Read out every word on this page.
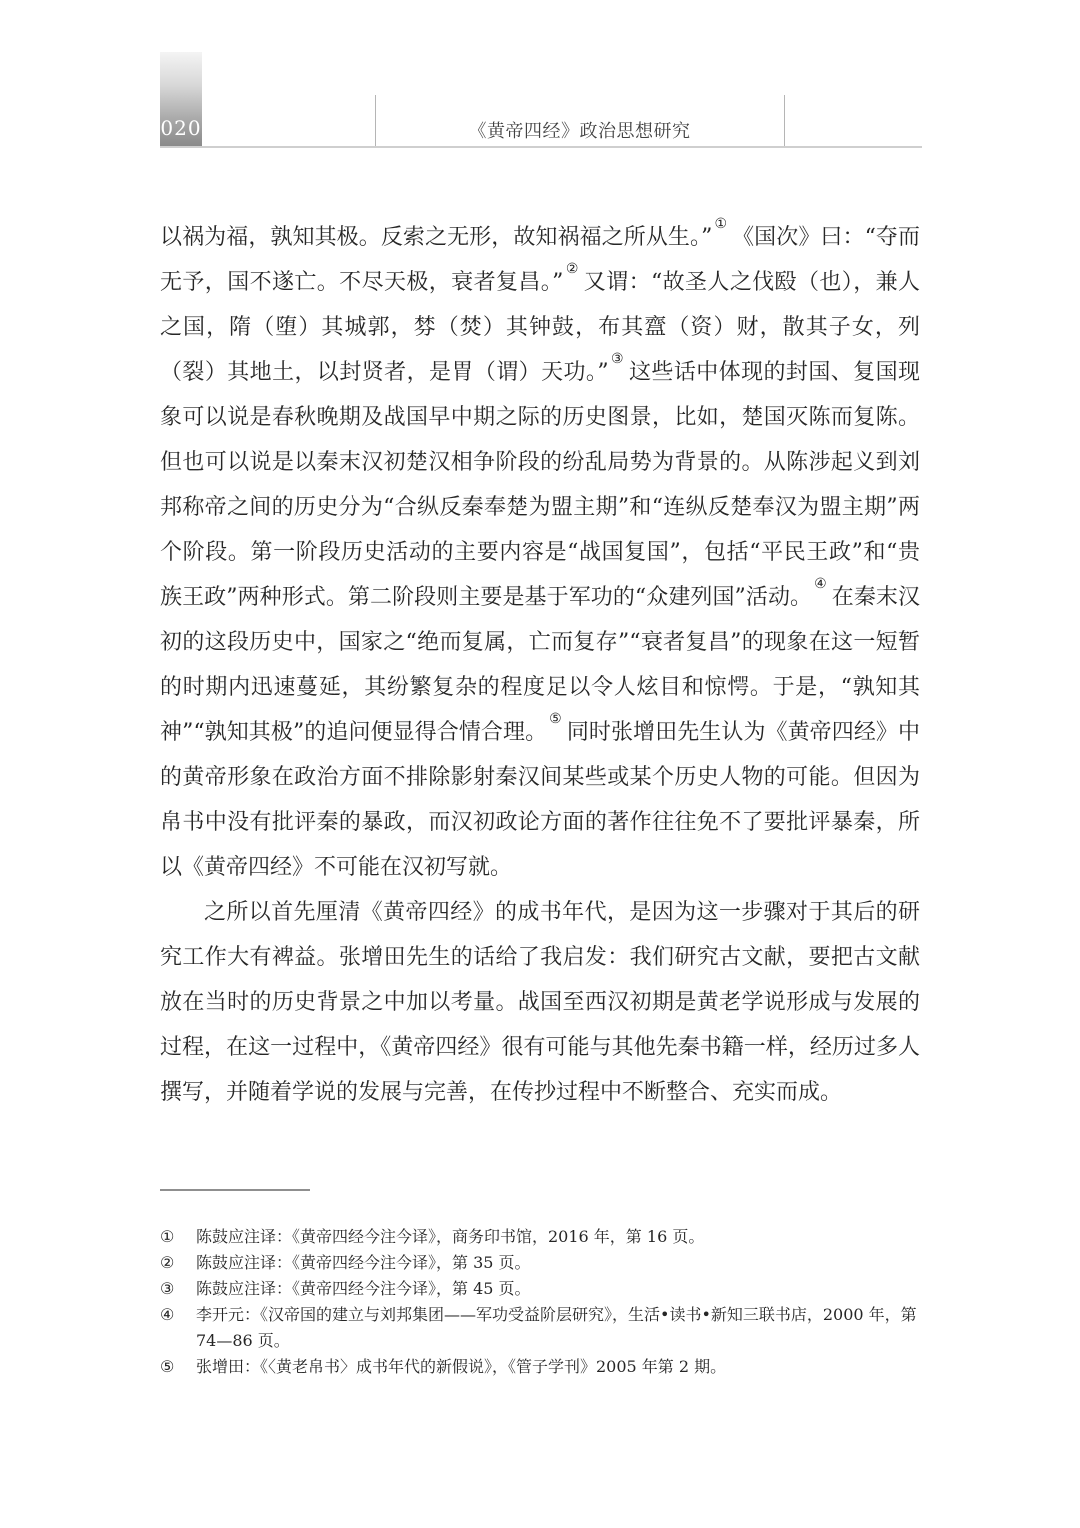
020	《黄帝四经》政治思想研究

以祸为福，孰知其极。反索之无形，故知祸福之所从生。”①《国次》曰：“夺而无予，国不遂亡。不尽天极，衰者复昌。”②又谓：“故圣人之伐殹（也），兼人之国，隋（堕）其城郭，棼（焚）其钟鼓，布其齍（资）财，散其子女，列（裂）其地土，以封贤者，是胃（谓）天功。”③这些话中体现的封国、复国现象可以说是春秋晚期及战国早中期之际的历史图景，比如，楚国灭陈而复陈。但也可以说是以秦末汉初楚汉相争阶段的纷乱局势为背景的。从陈涉起义到刘邦称帝之间的历史分为“合纵反秦奉楚为盟主期”和“连纵反楚奉汉为盟主期”两个阶段。第一阶段历史活动的主要内容是“战国复国”，包括“平民王政”和“贵族王政”两种形式。第二阶段则主要是基于军功的“众建列国”活动。④在秦末汉初的这段历史中，国家之“绝而复属，亡而复存”“衰者复昌”的现象在这一短暂的时期内迅速蔓延，其纷繁复杂的程度足以令人炫目和惊愕。于是，“孰知其神”“孰知其极”的追问便显得合情合理。⑤同时张增田先生认为《黄帝四经》中的黄帝形象在政治方面不排除影射秦汉间某些或某个历史人物的可能。但因为帛书中没有批评秦的暴政，而汉初政论方面的著作往往免不了要批评暴秦，所以《黄帝四经》不可能在汉初写就。

之所以首先厘清《黄帝四经》的成书年代，是因为这一步骤对于其后的研究工作大有裨益。张增田先生的话给了我启发：我们研究古文献，要把古文献放在当时的历史背景之中加以考量。战国至西汉初期是黄老学说形成与发展的过程，在这一过程中，《黄帝四经》很有可能与其他先秦书籍一样，经历过多人撰写，并随着学说的发展与完善，在传抄过程中不断整合、充实而成。

①	陈鼓应注译：《黄帝四经今注今译》，商务印书馆，2016 年，第 16 页。
②	陈鼓应注译：《黄帝四经今注今译》，第 35 页。
③	陈鼓应注译：《黄帝四经今注今译》，第 45 页。
④	李开元：《汉帝国的建立与刘邦集团——军功受益阶层研究》，生活•读书•新知三联书店，2000 年，第 74—86 页。
⑤	张增田：《〈黄老帛书〉成书年代的新假说》，《管子学刊》2005 年第 2 期。
